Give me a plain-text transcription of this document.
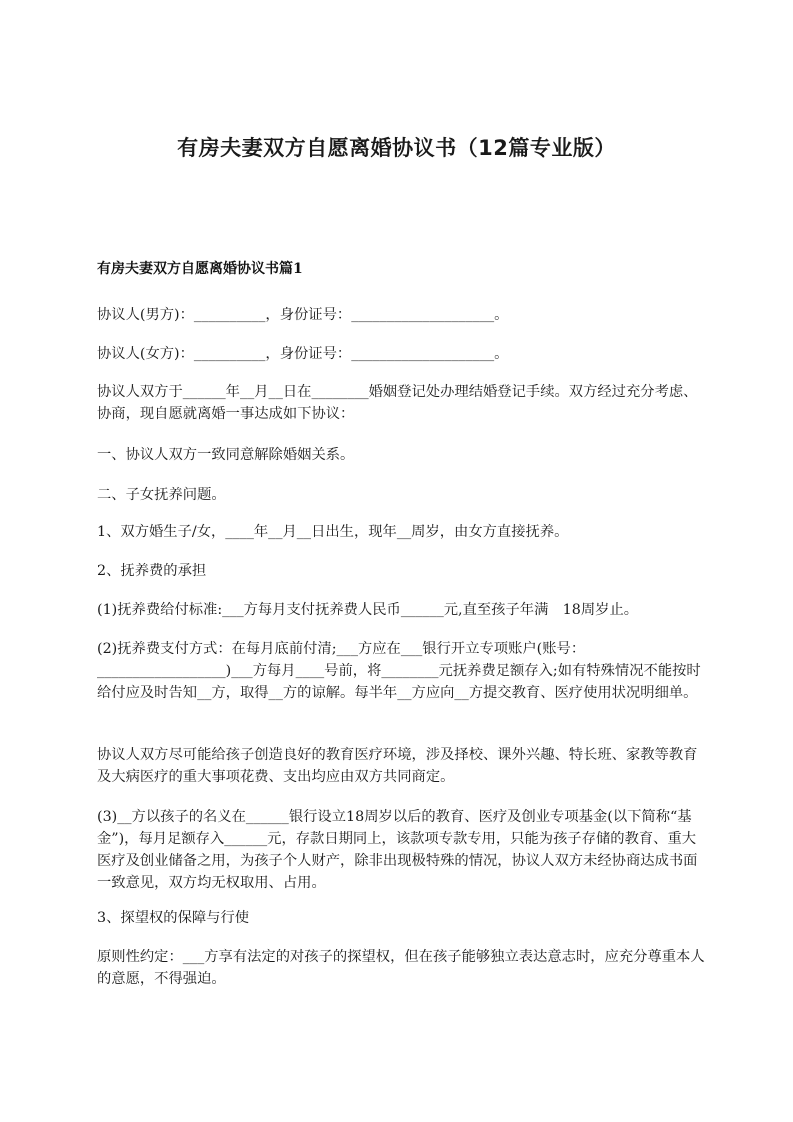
有房夫妻双方自愿离婚协议书（12篇专业版）
有房夫妻双方自愿离婚协议书篇1

协议人(男方)：__________，身份证号：____________________。

协议人(女方)：__________，身份证号：____________________。

协议人双方于______年__月__日在________婚姻登记处办理结婚登记手续。双方经过充分考虑、协商，现自愿就离婚一事达成如下协议：

一、协议人双方一致同意解除婚姻关系。

二、子女抚养问题。

1、双方婚生子/女，____年__月__日出生，现年__周岁，由女方直接抚养。

2、抚养费的承担

(1)抚养费给付标准:___方每月支付抚养费人民币______元,直至孩子年满　18周岁止。

(2)抚养费支付方式：在每月底前付清;___方应在___银行开立专项账户(账号：__________________)___方每月____号前，将________元抚养费足额存入;如有特殊情况不能按时给付应及时告知__方，取得__方的谅解。每半年__方应向__方提交教育、医疗使用状况明细单。

协议人双方尽可能给孩子创造良好的教育医疗环境，涉及择校、课外兴趣、特长班、家教等教育及大病医疗的重大事项花费、支出均应由双方共同商定。

(3)__方以孩子的名义在______银行设立18周岁以后的教育、医疗及创业专项基金(以下简称“基金”)，每月足额存入______元，存款日期同上，该款项专款专用，只能为孩子存储的教育、重大医疗及创业储备之用，为孩子个人财产，除非出现极特殊的情况，协议人双方未经协商达成书面一致意见，双方均无权取用、占用。

3、探望权的保障与行使

原则性约定：___方享有法定的对孩子的探望权，但在孩子能够独立表达意志时，应充分尊重本人的意愿，不得强迫。
